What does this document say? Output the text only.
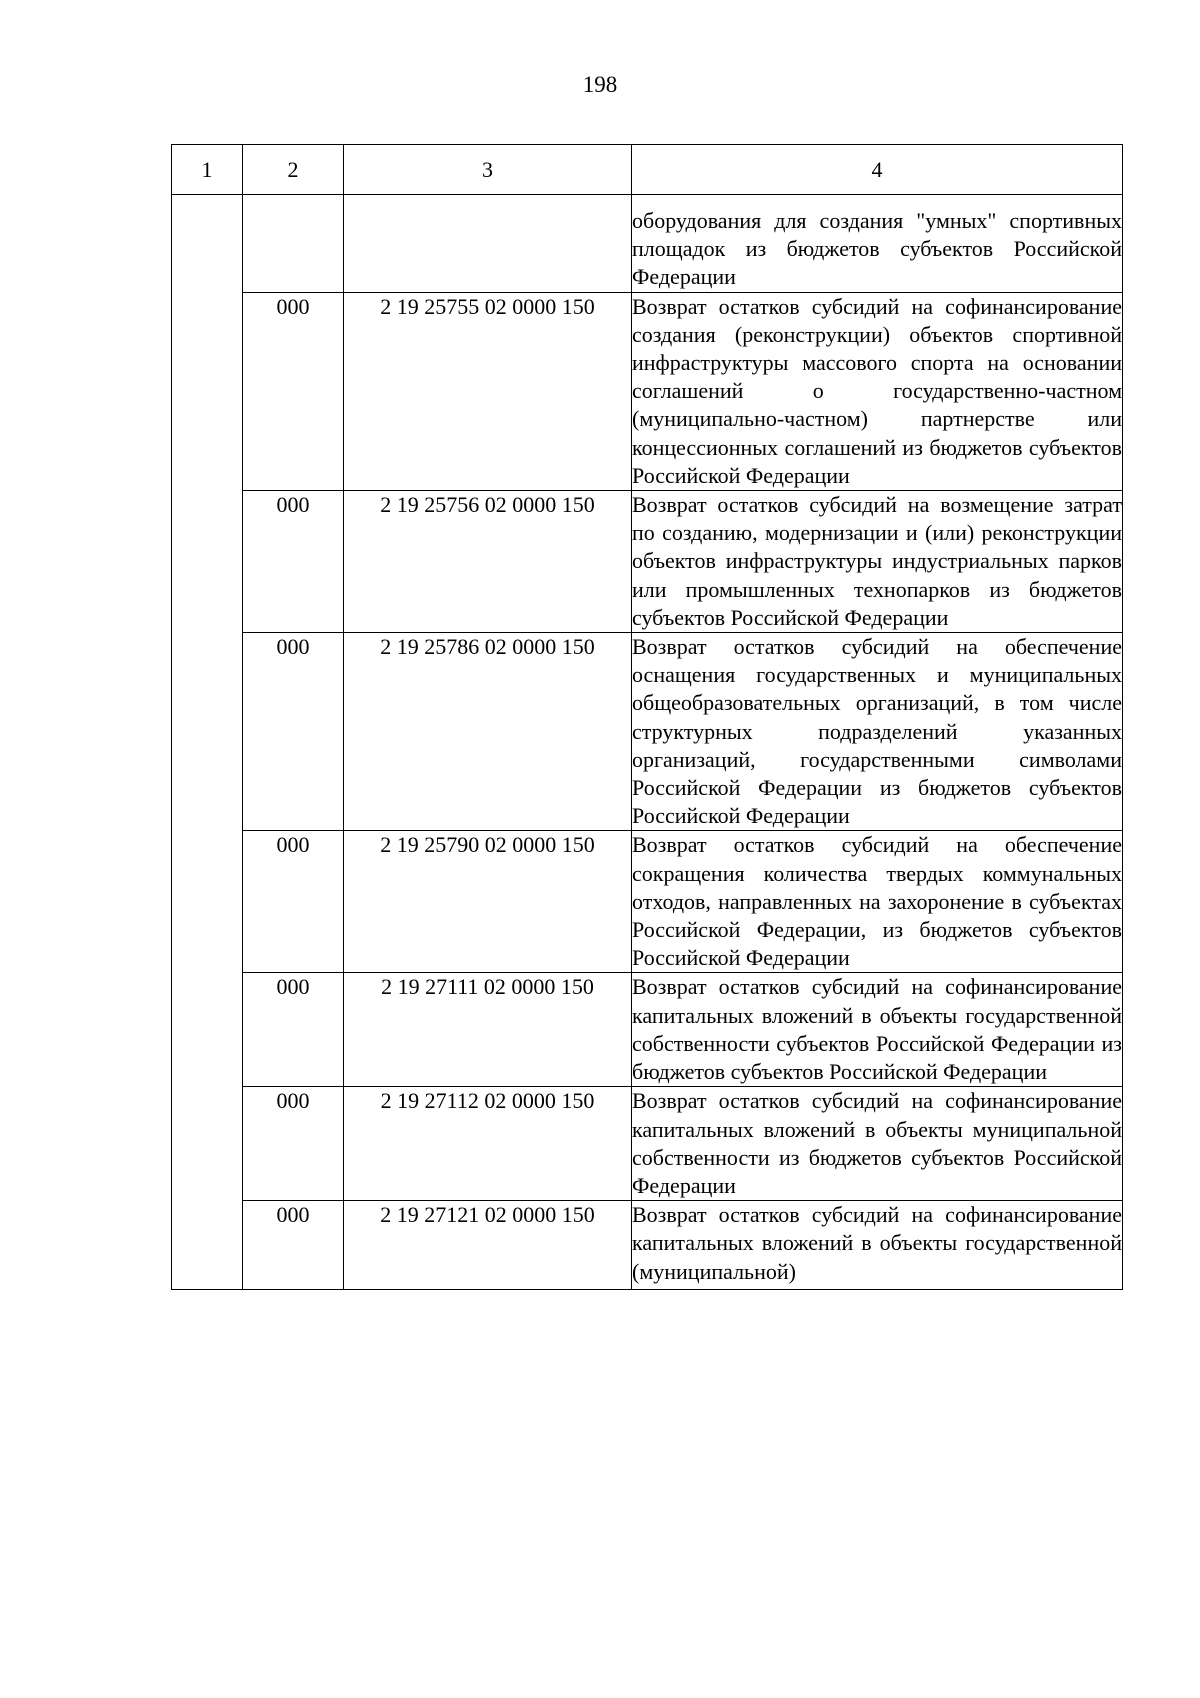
198
1	2	3	4
			оборудования для создания "умных" спортивных площадок из бюджетов субъектов Российской Федерации
	000	2 19 25755 02 0000 150	Возврат остатков субсидий на софинансирование создания (реконструкции) объектов спортивной инфраструктуры массового спорта на основании соглашений о государственно-частном (муниципально-частном) партнерстве или концессионных соглашений из бюджетов субъектов Российской Федерации
	000	2 19 25756 02 0000 150	Возврат остатков субсидий на возмещение затрат по созданию, модернизации и (или) реконструкции объектов инфраструктуры индустриальных парков или промышленных технопарков из бюджетов субъектов Российской Федерации
	000	2 19 25786 02 0000 150	Возврат остатков субсидий на обеспечение оснащения государственных и муниципальных общеобразовательных организаций, в том числе структурных подразделений указанных организаций, государственными символами Российской Федерации из бюджетов субъектов Российской Федерации
	000	2 19 25790 02 0000 150	Возврат остатков субсидий на обеспечение сокращения количества твердых коммунальных отходов, направленных на захоронение в субъектах Российской Федерации, из бюджетов субъектов Российской Федерации
	000	2 19 27111 02 0000 150	Возврат остатков субсидий на софинансирование капитальных вложений в объекты государственной собственности субъектов Российской Федерации из бюджетов субъектов Российской Федерации
	000	2 19 27112 02 0000 150	Возврат остатков субсидий на софинансирование капитальных вложений в объекты муниципальной собственности из бюджетов субъектов Российской Федерации
	000	2 19 27121 02 0000 150	Возврат остатков субсидий на софинансирование капитальных вложений в объекты государственной (муниципальной)
